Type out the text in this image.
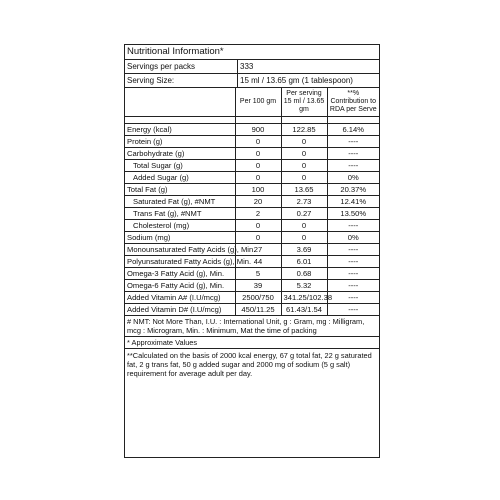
Nutritional Information*
Servings per packs	333
Serving Size:	15 ml / 13.65 gm (1 tablespoon)
	Per 100 gm	Per serving 15 ml / 13.65 gm	**% Contribution to RDA per Serve

Energy (kcal)	900	122.85	6.14%
Protein (g)	0	0	----
Carbohydrate (g)	0	0	----
Total Sugar (g)	0	0	----
Added Sugar (g)	0	0	0%
Total Fat (g)	100	13.65	20.37%
Saturated Fat (g), #NMT	20	2.73	12.41%
Trans Fat (g), #NMT	2	0.27	13.50%
Cholesterol (mg)	0	0	----
Sodium (mg)	0	0	0%
Monounsaturated Fatty Acids (g), Min.	27	3.69	----
Polyunsaturated Fatty Acids (g), Min.	44	6.01	----
Omega-3 Fatty Acid (g), Min.	5	0.68	----
Omega-6 Fatty Acid (g), Min.	39	5.32	----
Added Vitamin A# (I.U/mcg)	2500/750	341.25/102.38	----
Added Vitamin D# (I.U/mcg)	450/11.25	61.43/1.54	----
# NMT: Not More Than, I.U. : International Unit, g : Gram, mg : Milligram, mcg : Microgram, Min. : Minimum, Mat the time of packing
* Approximate Values
**Calculated on the basis of 2000 kcal energy, 67 g total fat, 22 g saturated fat, 2 g trans fat, 50 g added sugar and 2000 mg of sodium (5 g salt) requirement for average adult per day.
